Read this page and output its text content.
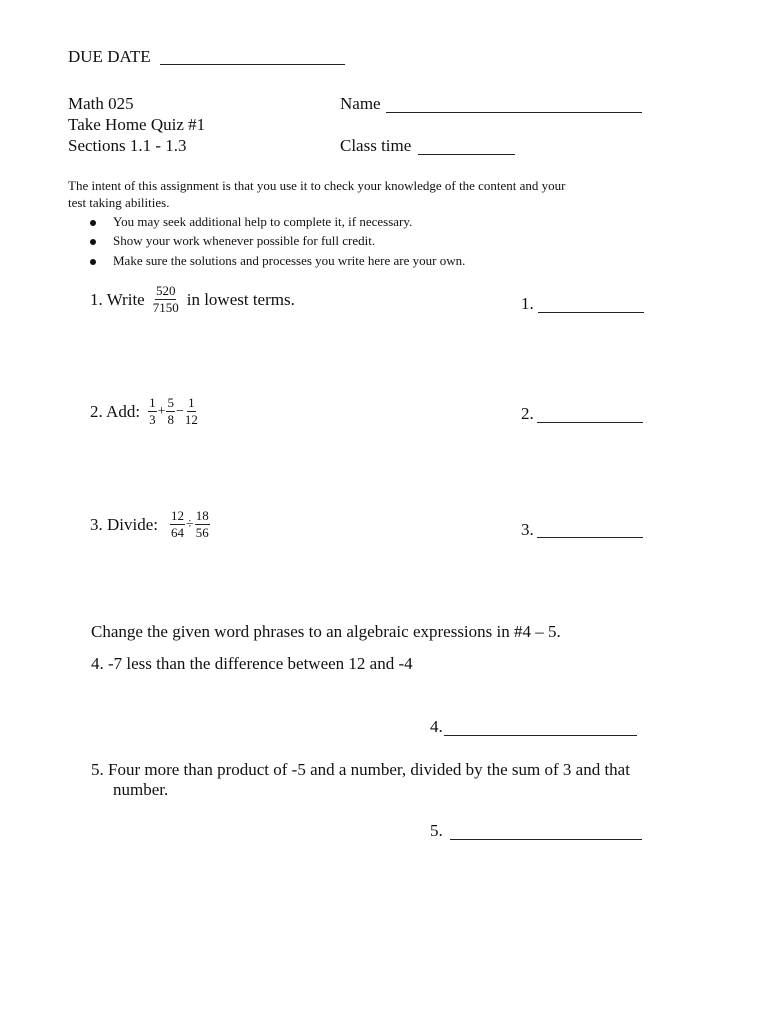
DUE DATE
Math 025
Take Home Quiz #1
Sections 1.1 - 1.3
Name
Class time
The intent of this assignment is that you use it to check your knowledge of the content and your
test taking abilities.
You may seek additional help to complete it, if necessary.
Show your work whenever possible for full credit.
Make sure the solutions and processes you write here are your own.
1. Write $\frac{520}{7150}$ in lowest terms.	1.
2. Add: $\frac{1}{3} + \frac{5}{8} - \frac{1}{12}$	2.
3. Divide: $\frac{12}{64} \div \frac{18}{56}$	3.
Change the given word phrases to an algebraic expressions in #4 – 5.
4. -7 less than the difference between 12 and -4
4.
5. Four more than product of -5 and a number, divided by the sum of 3 and that
number.
5.
